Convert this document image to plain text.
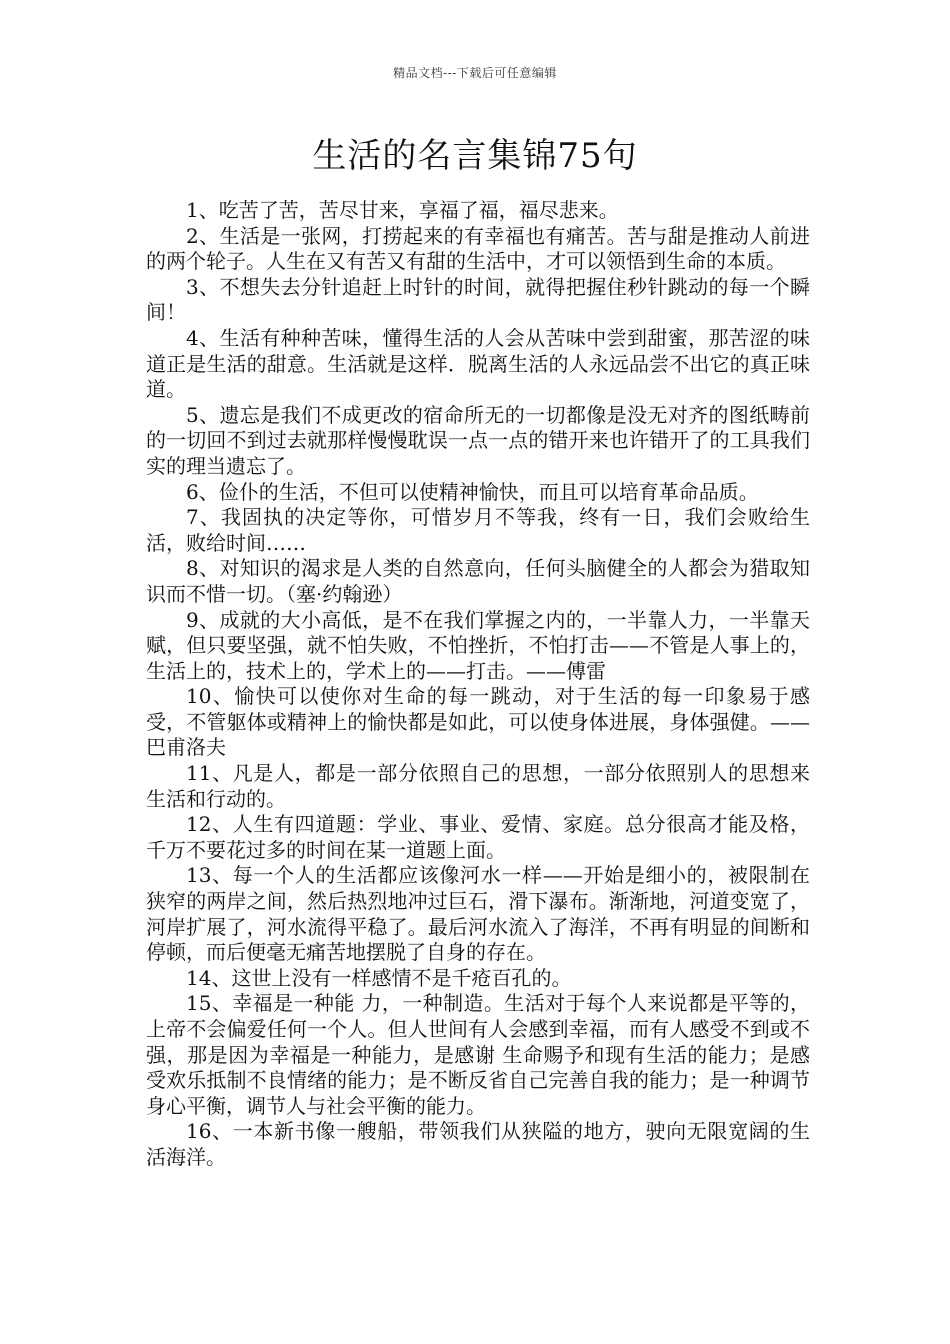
精品文档---下载后可任意编辑
生活的名言集锦75句

1、吃苦了苦，苦尽甘来，享福了福，福尽悲来。

2、生活是一张网，打捞起来的有幸福也有痛苦。苦与甜是推动人前进的两个轮子。人生在又有苦又有甜的生活中，才可以领悟到生命的本质。

3、不想失去分针追赶上时针的时间，就得把握住秒针跳动的每一个瞬间！

4、生活有种种苦味，懂得生活的人会从苦味中尝到甜蜜，那苦涩的味道正是生活的甜意。生活就是这样．脱离生活的人永远品尝不出它的真正味道。

5、遗忘是我们不成更改的宿命所无的一切都像是没无对齐的图纸畴前的一切回不到过去就那样慢慢耽误一点一点的错开来也许错开了的工具我们实的理当遗忘了。

6、俭仆的生活，不但可以使精神愉快，而且可以培育革命品质。

7、我固执的决定等你，可惜岁月不等我，终有一日，我们会败给生活，败给时间……

8、对知识的渴求是人类的自然意向，任何头脑健全的人都会为猎取知识而不惜一切。（塞·约翰逊）

9、成就的大小高低，是不在我们掌握之内的，一半靠人力，一半靠天赋，但只要坚强，就不怕失败，不怕挫折，不怕打击——不管是人事上的，生活上的，技术上的，学术上的——打击。——傅雷

10、愉快可以使你对生命的每一跳动，对于生活的每一印象易于感受，不管躯体或精神上的愉快都是如此，可以使身体进展，身体强健。——巴甫洛夫

11、凡是人，都是一部分依照自己的思想，一部分依照别人的思想来生活和行动的。

12、人生有四道题：学业、事业、爱情、家庭。总分很高才能及格，千万不要花过多的时间在某一道题上面。

13、每一个人的生活都应该像河水一样——开始是细小的，被限制在狭窄的两岸之间，然后热烈地冲过巨石，滑下瀑布。渐渐地，河道变宽了，河岸扩展了，河水流得平稳了。最后河水流入了海洋，不再有明显的间断和停顿，而后便毫无痛苦地摆脱了自身的存在。

14、这世上没有一样感情不是千疮百孔的。

15、幸福是一种能 力，一种制造。生活对于每个人来说都是平等的，上帝不会偏爱任何一个人。但人世间有人会感到幸福，而有人感受不到或不强，那是因为幸福是一种能力，是感谢 生命赐予和现有生活的能力；是感受欢乐抵制不良情绪的能力；是不断反省自己完善自我的能力；是一种调节身心平衡，调节人与社会平衡的能力。

16、一本新书像一艘船，带领我们从狭隘的地方，驶向无限宽阔的生活海洋。
